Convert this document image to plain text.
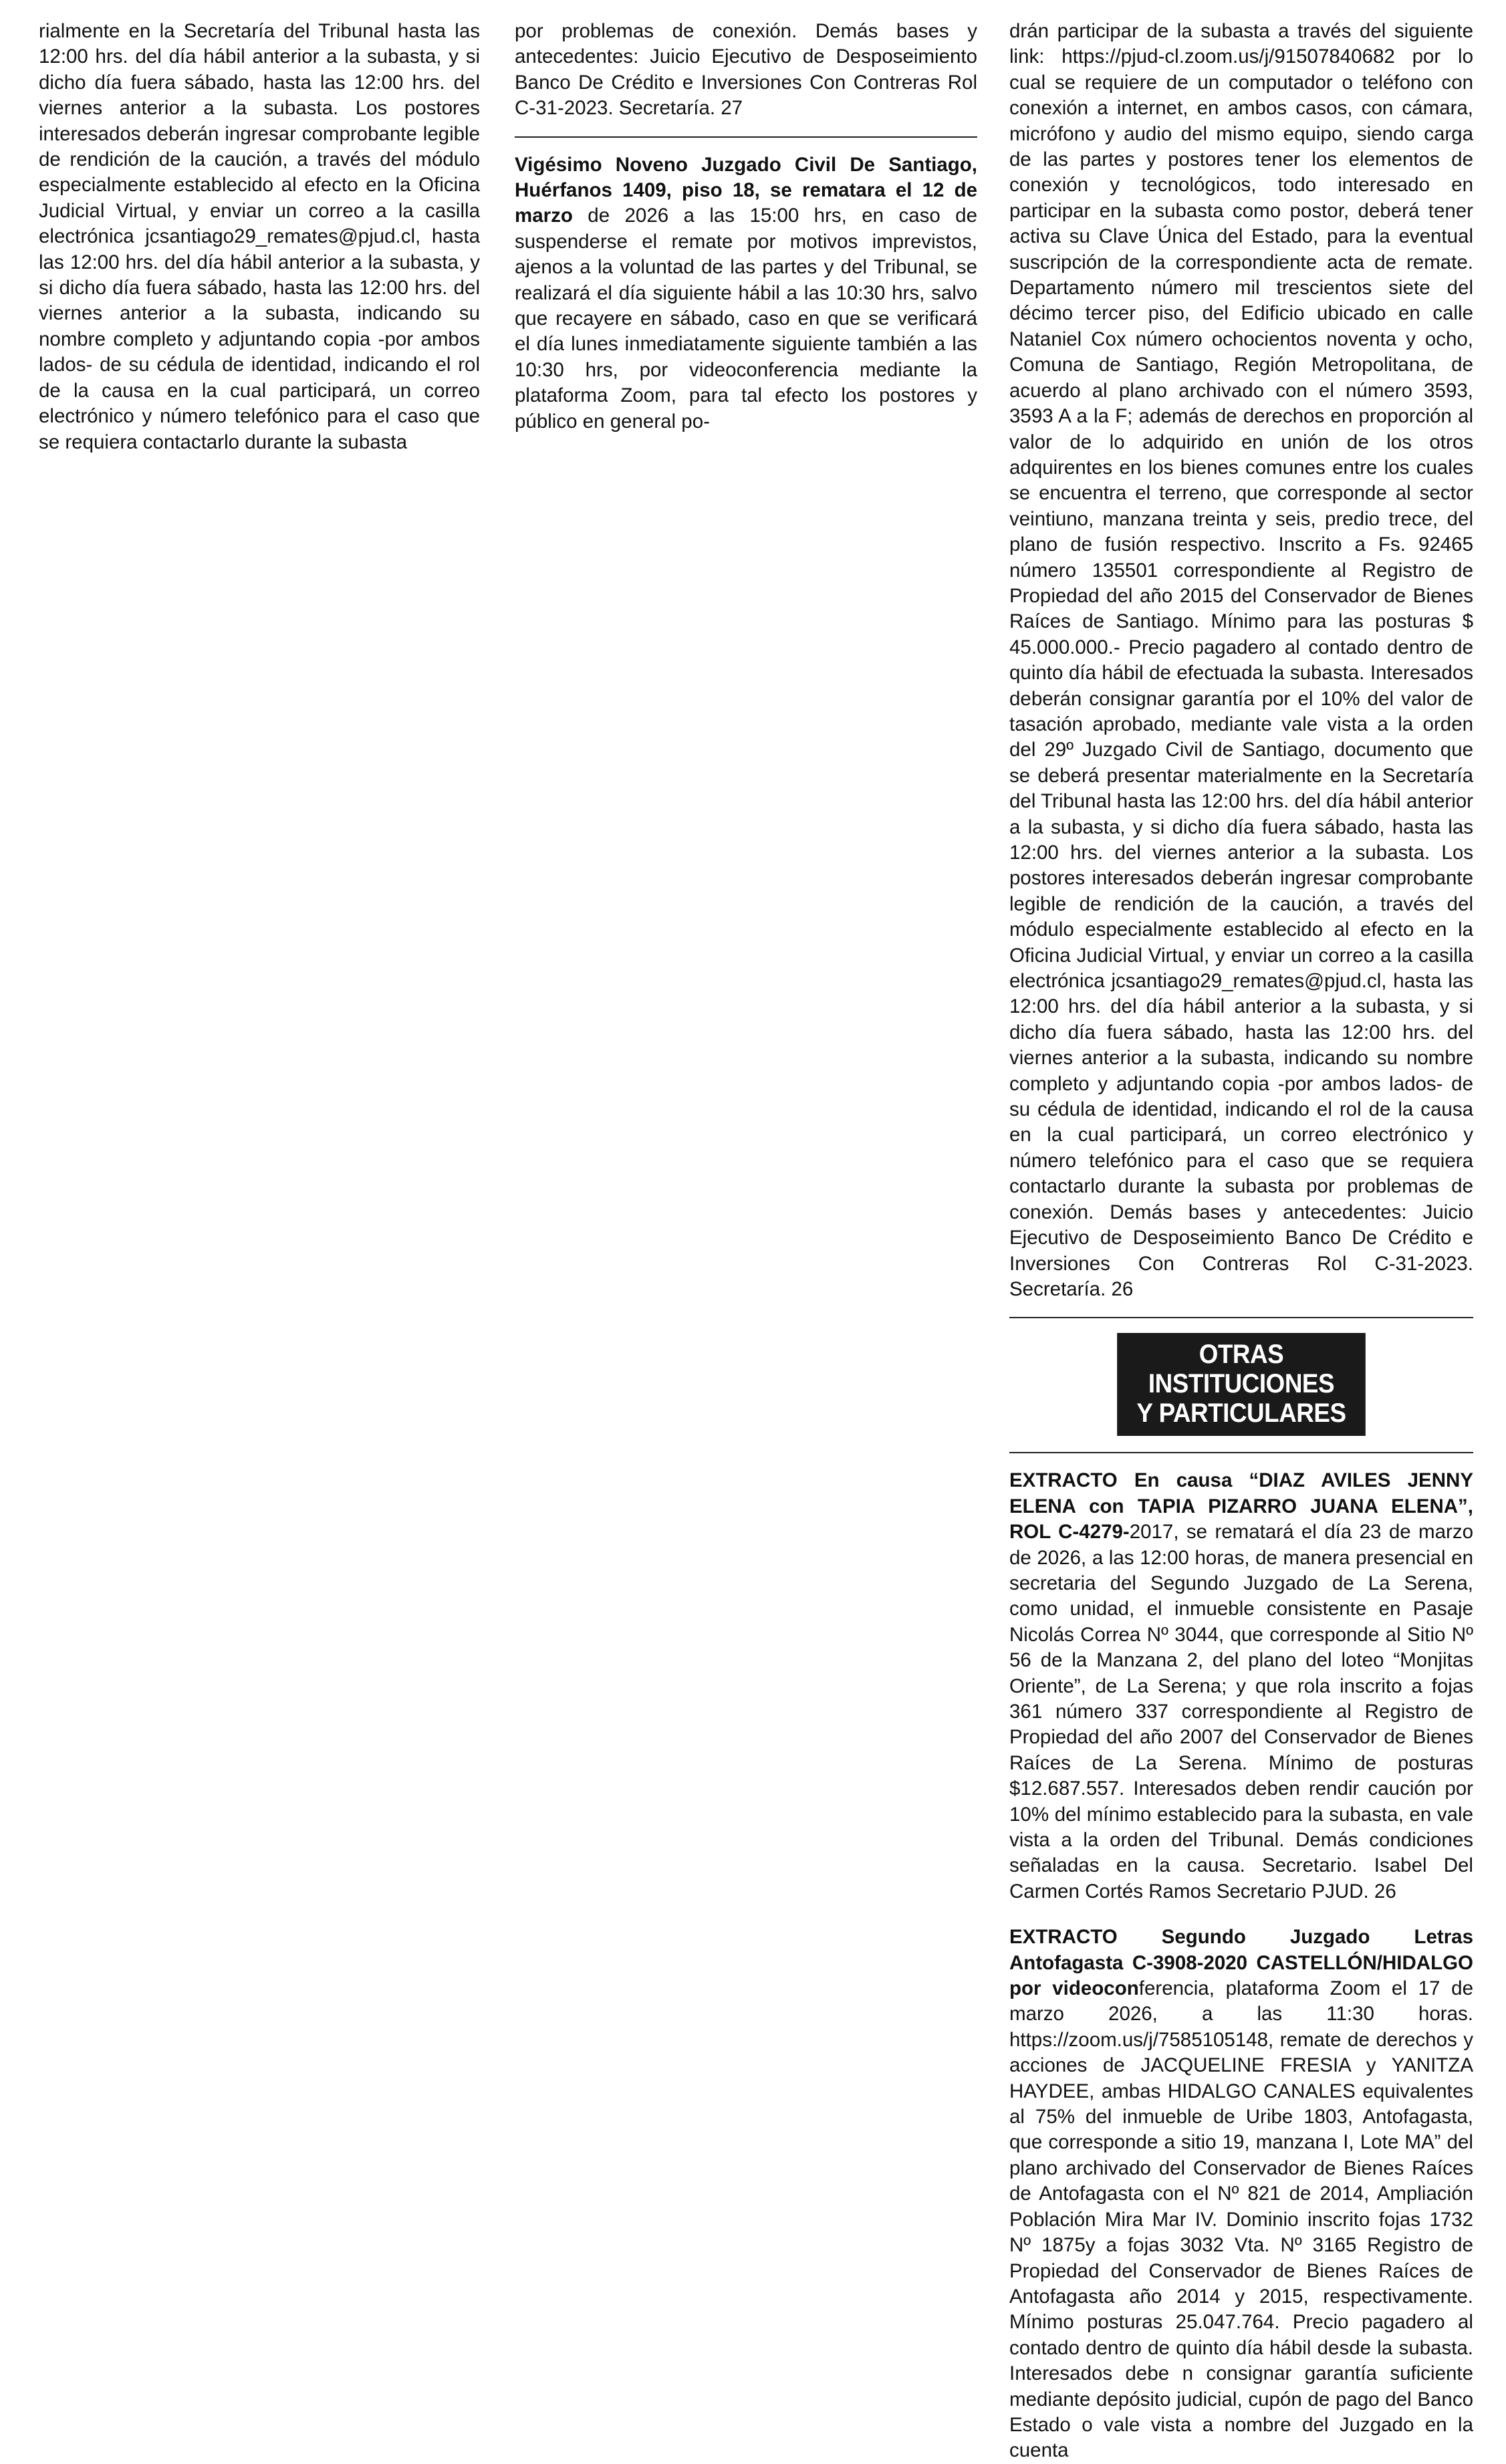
rialmente en la Secretaría del Tribunal hasta las 12:00 hrs. del día hábil anterior a la subasta, y si dicho día fuera sábado, hasta las 12:00 hrs. del viernes anterior a la subasta. Los postores interesados deberán ingresar comprobante legible de rendición de la caución, a través del módulo especialmente establecido al efecto en la Oficina Judicial Virtual, y enviar un correo a la casilla electrónica jcsantiago29_remates@pjud.cl, hasta las 12:00 hrs. del día hábil anterior a la subasta, y si dicho día fuera sábado, hasta las 12:00 hrs. del viernes anterior a la subasta, indicando su nombre completo y adjuntando copia -por ambos lados- de su cédula de identidad, indicando el rol de la causa en la cual participará, un correo electrónico y número telefónico para el caso que se requiera contactarlo durante la subasta

por problemas de conexión. Demás bases y antecedentes: Juicio Ejecutivo de Desposeimiento Banco De Crédito e Inversiones Con Contreras Rol C-31-2023. Secretaría. 27

Vigésimo Noveno Juzgado Civil De Santiago, Huérfanos 1409, piso 18, se rematara el 12 de marzo de 2026 a las 15:00 hrs, en caso de suspenderse el remate por motivos imprevistos, ajenos a la voluntad de las partes y del Tribunal, se realizará el día siguiente hábil a las 10:30 hrs, salvo que recayere en sábado, caso en que se verificará el día lunes inmediatamente siguiente también a las 10:30 hrs, por videoconferencia mediante la plataforma Zoom, para tal efecto los postores y público en general po-

drán participar de la subasta a través del siguiente link: https://pjud-cl.zoom.us/j/91507840682 por lo cual se requiere de un computador o teléfono con conexión a internet, en ambos casos, con cámara, micrófono y audio del mismo equipo, siendo carga de las partes y postores tener los elementos de conexión y tecnológicos, todo interesado en participar en la subasta como postor, deberá tener activa su Clave Única del Estado, para la eventual suscripción de la correspondiente acta de remate. Departamento número mil trescientos siete del décimo tercer piso, del Edificio ubicado en calle Nataniel Cox número ochocientos noventa y ocho, Comuna de Santiago, Región Metropolitana, de acuerdo al plano archivado con el número 3593, 3593 A a la F; además de derechos en proporción al valor de lo adquirido en unión de los otros adquirentes en los bienes comunes entre los cuales se encuentra el terreno, que corresponde al sector veintiuno, manzana treinta y seis, predio trece, del plano de fusión respectivo. Inscrito a Fs. 92465 número 135501 correspondiente al Registro de Propiedad del año 2015 del Conservador de Bienes Raíces de Santiago. Mínimo para las posturas $ 45.000.000.- Precio pagadero al contado dentro de quinto día hábil de efectuada la subasta. Interesados deberán consignar garantía por el 10% del valor de tasación aprobado, mediante vale vista a la orden del 29º Juzgado Civil de Santiago, documento que se deberá presentar materialmente en la Secretaría del Tribunal hasta las 12:00 hrs. del día hábil anterior a la subasta, y si dicho día fuera sábado, hasta las 12:00 hrs. del viernes anterior a la subasta. Los postores interesados deberán ingresar comprobante legible de rendición de la caución, a través del módulo especialmente establecido al efecto en la Oficina Judicial Virtual, y enviar un correo a la casilla electrónica jcsantiago29_remates@pjud.cl, hasta las 12:00 hrs. del día hábil anterior a la subasta, y si dicho día fuera sábado, hasta las 12:00 hrs. del viernes anterior a la subasta, indicando su nombre completo y adjuntando copia -por ambos lados- de su cédula de identidad, indicando el rol de la causa en la cual participará, un correo electrónico y número telefónico para el caso que se requiera contactarlo durante la subasta por problemas de conexión. Demás bases y antecedentes: Juicio Ejecutivo de Desposeimiento Banco De Crédito e Inversiones Con Contreras Rol C-31-2023. Secretaría. 26

OTRAS INSTITUCIONES
Y PARTICULARES

EXTRACTO En causa “DIAZ AVILES JENNY ELENA con TAPIA PIZARRO JUANA ELENA”, ROL C-4279-2017, se rematará el día 23 de marzo de 2026, a las 12:00 horas, de manera presencial en secretaria del Segundo Juzgado de La Serena, como unidad, el inmueble consistente en Pasaje Nicolás Correa Nº 3044, que corresponde al Sitio Nº 56 de la Manzana 2, del plano del loteo “Monjitas Oriente”, de La Serena; y que rola inscrito a fojas 361 número 337 correspondiente al Registro de Propiedad del año 2007 del Conservador de Bienes Raíces de La Serena. Mínimo de posturas $12.687.557. Interesados deben rendir caución por 10% del mínimo establecido para la subasta, en vale vista a la orden del Tribunal. Demás condiciones señaladas en la causa. Secretario. Isabel Del Carmen Cortés Ramos Secretario PJUD. 26

EXTRACTO Segundo Juzgado Letras Antofagasta C-3908-2020 CASTELLÓN/HIDALGO por videoconferencia, plataforma Zoom el 17 de marzo 2026, a las 11:30 horas. https://zoom.us/j/7585105148, remate de derechos y acciones de JACQUELINE FRESIA y YANITZA HAYDEE, ambas HIDALGO CANALES equivalentes al 75% del inmueble de Uribe 1803, Antofagasta, que corresponde a sitio 19, manzana I, Lote MA” del plano archivado del Conservador de Bienes Raíces de Antofagasta con el Nº 821 de 2014, Ampliación Población Mira Mar IV. Dominio inscrito fojas 1732 Nº 1875y a fojas 3032 Vta. Nº 3165 Registro de Propiedad del Conservador de Bienes Raíces de Antofagasta año 2014 y 2015, respectivamente. Mínimo posturas 25.047.764. Precio pagadero al contado dentro de quinto día hábil desde la subasta. Interesados debe n consignar garantía suficiente mediante depósito judicial, cupón de pago del Banco Estado o vale vista a nombre del Juzgado en la cuenta
